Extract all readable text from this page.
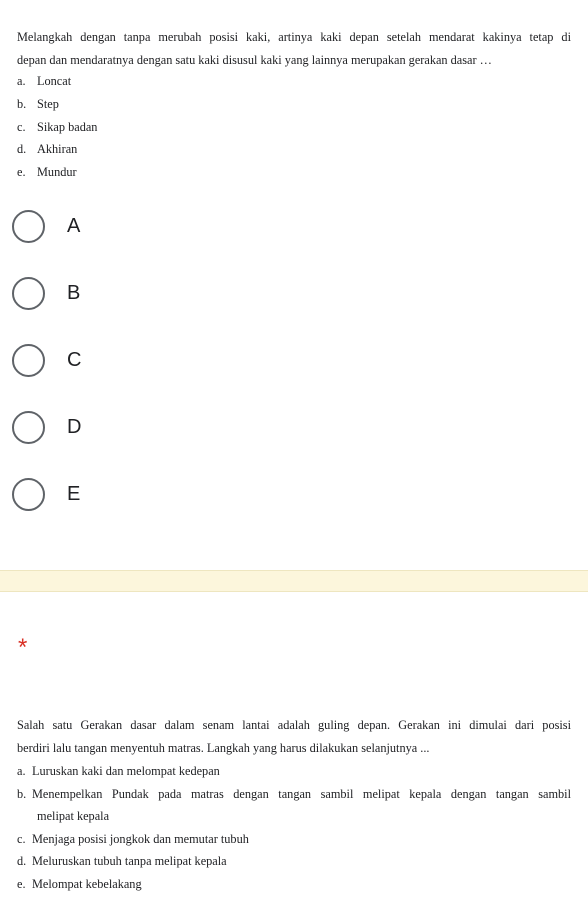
Melangkah dengan tanpa merubah posisi kaki, artinya kaki depan setelah mendarat kakinya tetap di
depan dan mendaratnya dengan satu kaki disusul kaki yang lainnya merupakan gerakan dasar …
a. Loncat
b. Step
c. Sikap badan
d. Akhiran
e. Mundur
A
B
C
D
E
*
Salah satu Gerakan dasar dalam senam lantai adalah guling depan. Gerakan ini dimulai dari posisi
berdiri lalu tangan menyentuh matras. Langkah yang harus dilakukan selanjutnya ...
a. Luruskan kaki dan melompat kedepan
b. Menempelkan Pundak pada matras dengan tangan sambil melipat kepala dengan tangan sambil
melipat kepala
c. Menjaga posisi jongkok dan memutar tubuh
d. Meluruskan tubuh tanpa melipat kepala
e. Melompat kebelakang
